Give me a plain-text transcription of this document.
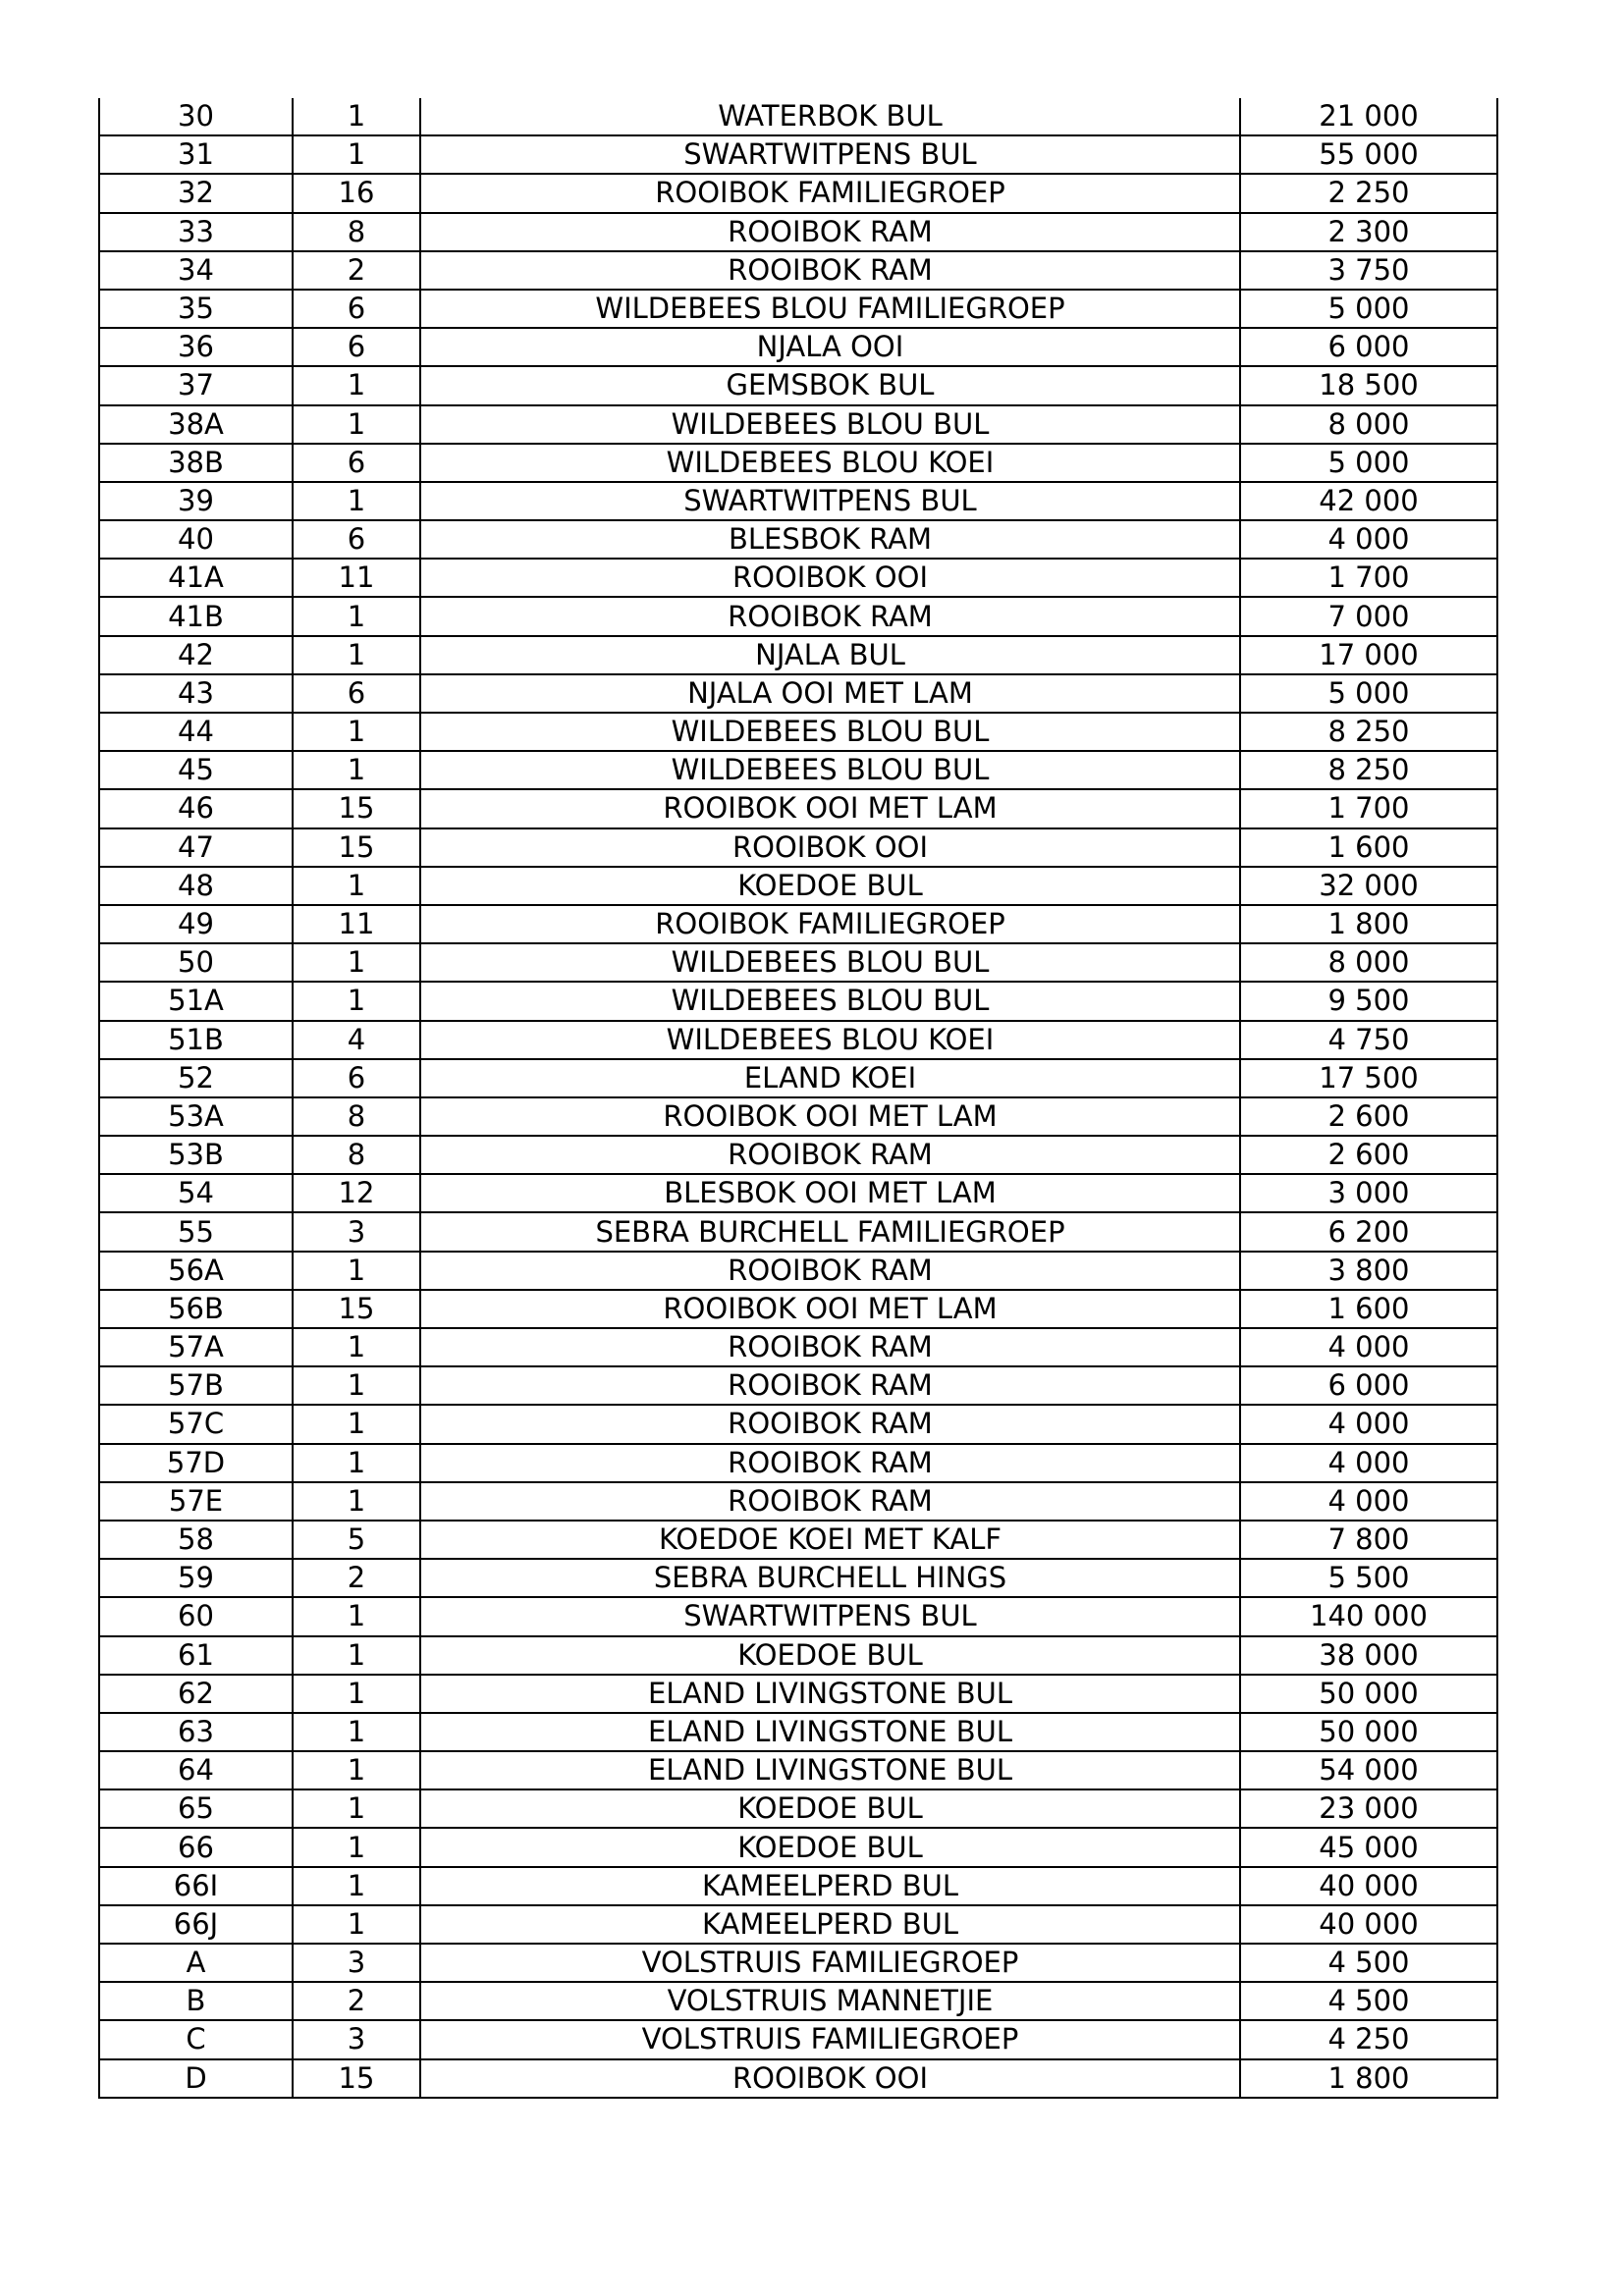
30	1	WATERBOK BUL	21 000
31	1	SWARTWITPENS BUL	55 000
32	16	ROOIBOK FAMILIEGROEP	2 250
33	8	ROOIBOK RAM	2 300
34	2	ROOIBOK RAM	3 750
35	6	WILDEBEES BLOU FAMILIEGROEP	5 000
36	6	NJALA OOI	6 000
37	1	GEMSBOK BUL	18 500
38A	1	WILDEBEES BLOU BUL	8 000
38B	6	WILDEBEES BLOU KOEI	5 000
39	1	SWARTWITPENS BUL	42 000
40	6	BLESBOK RAM	4 000
41A	11	ROOIBOK OOI	1 700
41B	1	ROOIBOK RAM	7 000
42	1	NJALA BUL	17 000
43	6	NJALA OOI MET LAM	5 000
44	1	WILDEBEES BLOU BUL	8 250
45	1	WILDEBEES BLOU BUL	8 250
46	15	ROOIBOK OOI MET LAM	1 700
47	15	ROOIBOK OOI	1 600
48	1	KOEDOE BUL	32 000
49	11	ROOIBOK FAMILIEGROEP	1 800
50	1	WILDEBEES BLOU BUL	8 000
51A	1	WILDEBEES BLOU BUL	9 500
51B	4	WILDEBEES BLOU KOEI	4 750
52	6	ELAND KOEI	17 500
53A	8	ROOIBOK OOI MET LAM	2 600
53B	8	ROOIBOK RAM	2 600
54	12	BLESBOK OOI MET LAM	3 000
55	3	SEBRA BURCHELL FAMILIEGROEP	6 200
56A	1	ROOIBOK RAM	3 800
56B	15	ROOIBOK OOI MET LAM	1 600
57A	1	ROOIBOK RAM	4 000
57B	1	ROOIBOK RAM	6 000
57C	1	ROOIBOK RAM	4 000
57D	1	ROOIBOK RAM	4 000
57E	1	ROOIBOK RAM	4 000
58	5	KOEDOE KOEI MET KALF	7 800
59	2	SEBRA BURCHELL HINGS	5 500
60	1	SWARTWITPENS BUL	140 000
61	1	KOEDOE BUL	38 000
62	1	ELAND LIVINGSTONE BUL	50 000
63	1	ELAND LIVINGSTONE BUL	50 000
64	1	ELAND LIVINGSTONE BUL	54 000
65	1	KOEDOE BUL	23 000
66	1	KOEDOE BUL	45 000
66I	1	KAMEELPERD BUL	40 000
66J	1	KAMEELPERD BUL	40 000
A	3	VOLSTRUIS FAMILIEGROEP	4 500
B	2	VOLSTRUIS MANNETJIE	4 500
C	3	VOLSTRUIS FAMILIEGROEP	4 250
D	15	ROOIBOK OOI	1 800
